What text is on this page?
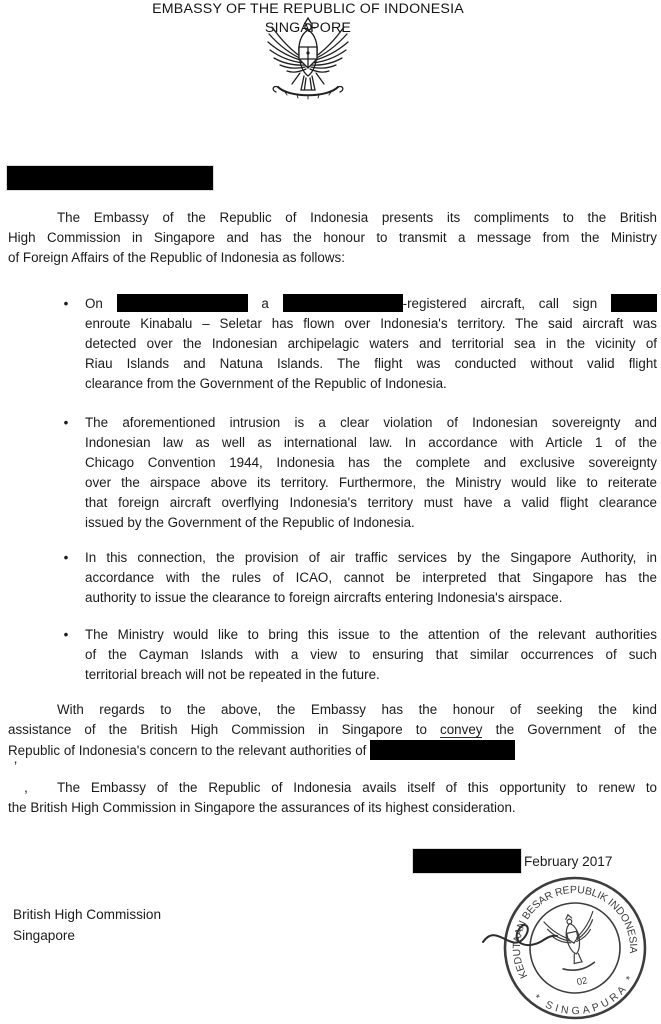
EMBASSY OF THE REPUBLIC OF INDONESIA
SINGAPORE
The Embassy of the Republic of Indonesia presents its compliments to the British
High Commission in Singapore and has the honour to transmit a message from the Ministry
of Foreign Affairs of the Republic of Indonesia as follows:
• On	a	-registered aircraft, call sign
enroute Kinabalu – Seletar has flown over Indonesia's territory. The said aircraft was
detected over the Indonesian archipelagic waters and territorial sea in the vicinity of
Riau Islands and Natuna Islands. The flight was conducted without valid flight
clearance from the Government of the Republic of Indonesia.
• The aforementioned intrusion is a clear violation of Indonesian sovereignty and
Indonesian law as well as international law. In accordance with Article 1 of the
Chicago Convention 1944, Indonesia has the complete and exclusive sovereignty
over the airspace above its territory. Furthermore, the Ministry would like to reiterate
that foreign aircraft overflying Indonesia's territory must have a valid flight clearance
issued by the Government of the Republic of Indonesia.
• In this connection, the provision of air traffic services by the Singapore Authority, in
accordance with the rules of ICAO, cannot be interpreted that Singapore has the
authority to issue the clearance to foreign aircrafts entering Indonesia's airspace.
• The Ministry would like to bring this issue to the attention of the relevant authorities
of the Cayman Islands with a view to ensuring that similar occurrences of such
territorial breach will not be repeated in the future.
With regards to the above, the Embassy has the honour of seeking the kind
assistance of the British High Commission in Singapore to convey the Government of the
Republic of Indonesia's concern to the relevant authorities of
’
,	The Embassy of the Republic of Indonesia avails itself of this opportunity to renew to
the British High Commission in Singapore the assurances of its highest consideration.
February 2017
British High Commission
Singapore
KEDUTAAN BESAR REPUBLIK INDONESIA
* SINGAPURA *
02
